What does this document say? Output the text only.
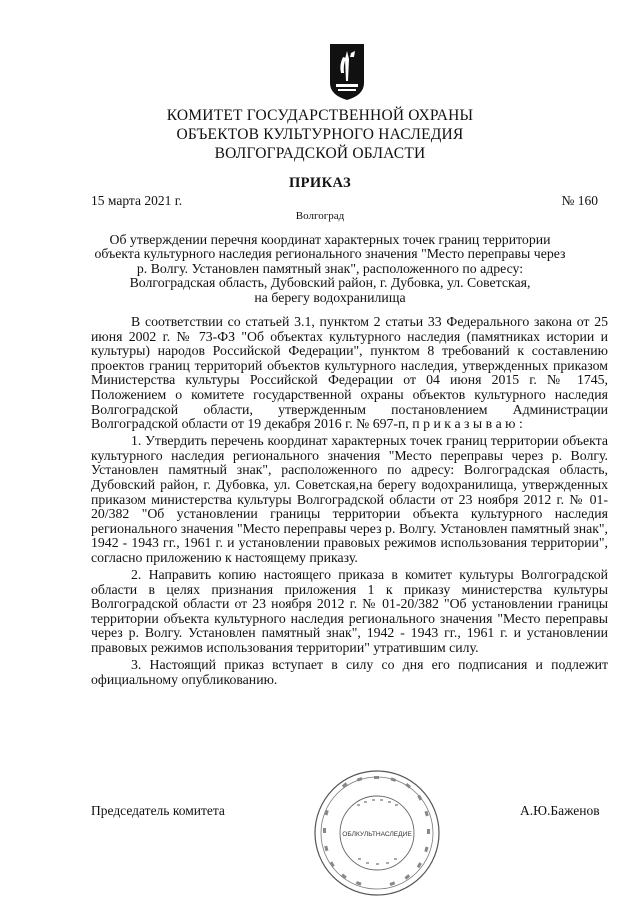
КОМИТЕТ ГОСУДАРСТВЕННОЙ ОХРАНЫ
ОБЪЕКТОВ КУЛЬТУРНОГО НАСЛЕДИЯ
ВОЛГОГРАДСКОЙ ОБЛАСТИ
ПРИКАЗ
15 марта 2021 г.	№ 160
Волгоград
Об утверждении перечня координат характерных точек границ территории
объекта культурного наследия регионального значения "Место переправы через
р. Волгу. Установлен памятный знак", расположенного по адресу:
Волгоградская область, Дубовский район, г. Дубовка, ул. Советская,
на берегу водохранилища

В соответствии со статьей 3.1, пунктом 2 статьи 33 Федерального закона от 25 июня 2002 г. № 73-ФЗ "Об объектах культурного наследия (памятниках истории и культуры) народов Российской Федерации", пунктом 8 требований к составлению проектов границ территорий объектов культурного наследия, утвержденных приказом Министерства культуры Российской Федерации от 04 июня 2015 г. № 1745, Положением о комитете государственной охраны объектов культурного наследия Волгоградской области, утвержденным постановлением Администрации Волгоградской области от 19 декабря 2016 г. № 697-п, п р и к а з ы в а ю :

1. Утвердить перечень координат характерных точек границ территории объекта культурного наследия регионального значения "Место переправы через р. Волгу. Установлен памятный знак", расположенного по адресу: Волгоградская область, Дубовский район, г. Дубовка, ул. Советская,на берегу водохранилища, утвержденных приказом министерства культуры Волгоградской области от 23 ноября 2012 г. № 01-20/382 "Об установлении границы территории объекта культурного наследия регионального значения "Место переправы через р. Волгу. Установлен памятный знак", 1942 - 1943 гг., 1961 г. и установлении правовых режимов использования территории", согласно приложению к настоящему приказу.

2. Направить копию настоящего приказа в комитет культуры Волгоградской области в целях признания приложения 1 к приказу министерства культуры Волгоградской области от 23 ноября 2012 г. № 01-20/382 "Об установлении границы территории объекта культурного наследия регионального значения "Место переправы через р. Волгу. Установлен памятный знак", 1942 - 1943 гг., 1961 г. и установлении правовых режимов использования территории" утратившим силу.

3. Настоящий приказ вступает в силу со дня его подписания и подлежит официальному опубликованию.

Председатель комитета	А.Ю.Баженов
ОБЛКУЛЬТНАСЛЕДИЕ
